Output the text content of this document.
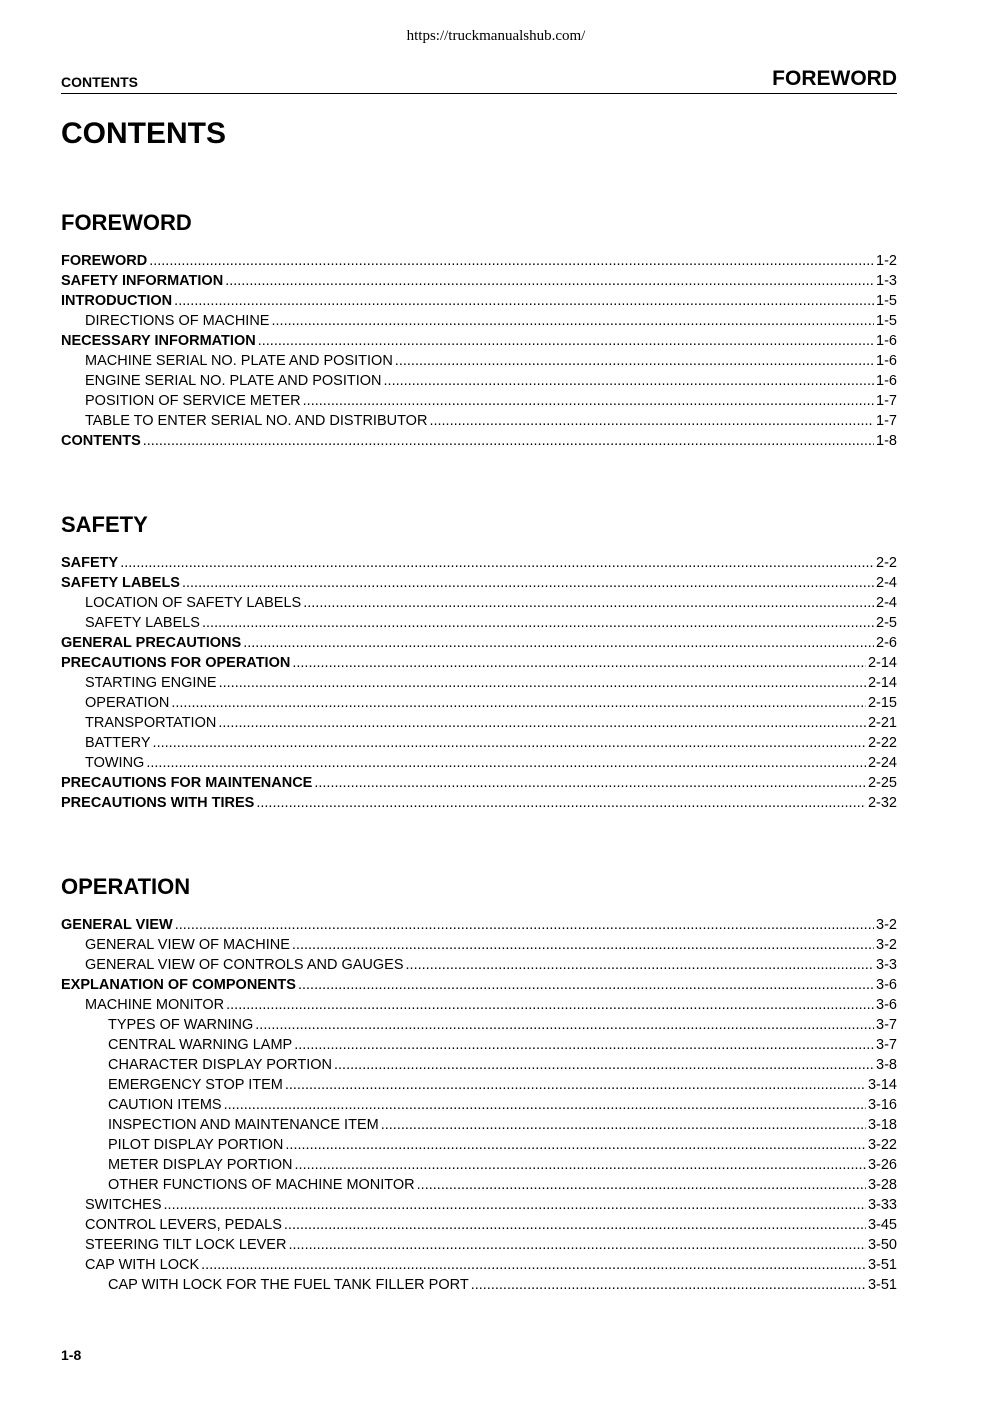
https://truckmanualshub.com/
CONTENTS	FOREWORD
CONTENTS
FOREWORD
FOREWORD .....	1-2
SAFETY INFORMATION .....	1-3
INTRODUCTION .....	1-5
DIRECTIONS OF MACHINE .....	1-5
NECESSARY INFORMATION .....	1-6
MACHINE SERIAL NO. PLATE AND POSITION .....	1-6
ENGINE SERIAL NO. PLATE AND POSITION .....	1-6
POSITION OF SERVICE METER .....	1-7
TABLE TO ENTER SERIAL NO. AND DISTRIBUTOR .....	1-7
CONTENTS .....	1-8
SAFETY
SAFETY .....	2-2
SAFETY LABELS .....	2-4
LOCATION OF SAFETY LABELS .....	2-4
SAFETY LABELS .....	2-5
GENERAL PRECAUTIONS .....	2-6
PRECAUTIONS FOR OPERATION .....	2-14
STARTING ENGINE .....	2-14
OPERATION .....	2-15
TRANSPORTATION .....	2-21
BATTERY .....	2-22
TOWING .....	2-24
PRECAUTIONS FOR MAINTENANCE .....	2-25
PRECAUTIONS WITH TIRES .....	2-32
OPERATION
GENERAL VIEW .....	3-2
GENERAL VIEW OF MACHINE .....	3-2
GENERAL VIEW OF CONTROLS AND GAUGES .....	3-3
EXPLANATION OF COMPONENTS .....	3-6
MACHINE MONITOR .....	3-6
TYPES OF WARNING .....	3-7
CENTRAL WARNING LAMP .....	3-7
CHARACTER DISPLAY PORTION .....	3-8
EMERGENCY STOP ITEM .....	3-14
CAUTION ITEMS .....	3-16
INSPECTION AND MAINTENANCE ITEM .....	3-18
PILOT DISPLAY PORTION .....	3-22
METER DISPLAY PORTION .....	3-26
OTHER FUNCTIONS OF MACHINE MONITOR .....	3-28
SWITCHES .....	3-33
CONTROL LEVERS, PEDALS .....	3-45
STEERING TILT LOCK LEVER .....	3-50
CAP WITH LOCK .....	3-51
CAP WITH LOCK FOR THE FUEL TANK FILLER PORT .....	3-51
1-8
